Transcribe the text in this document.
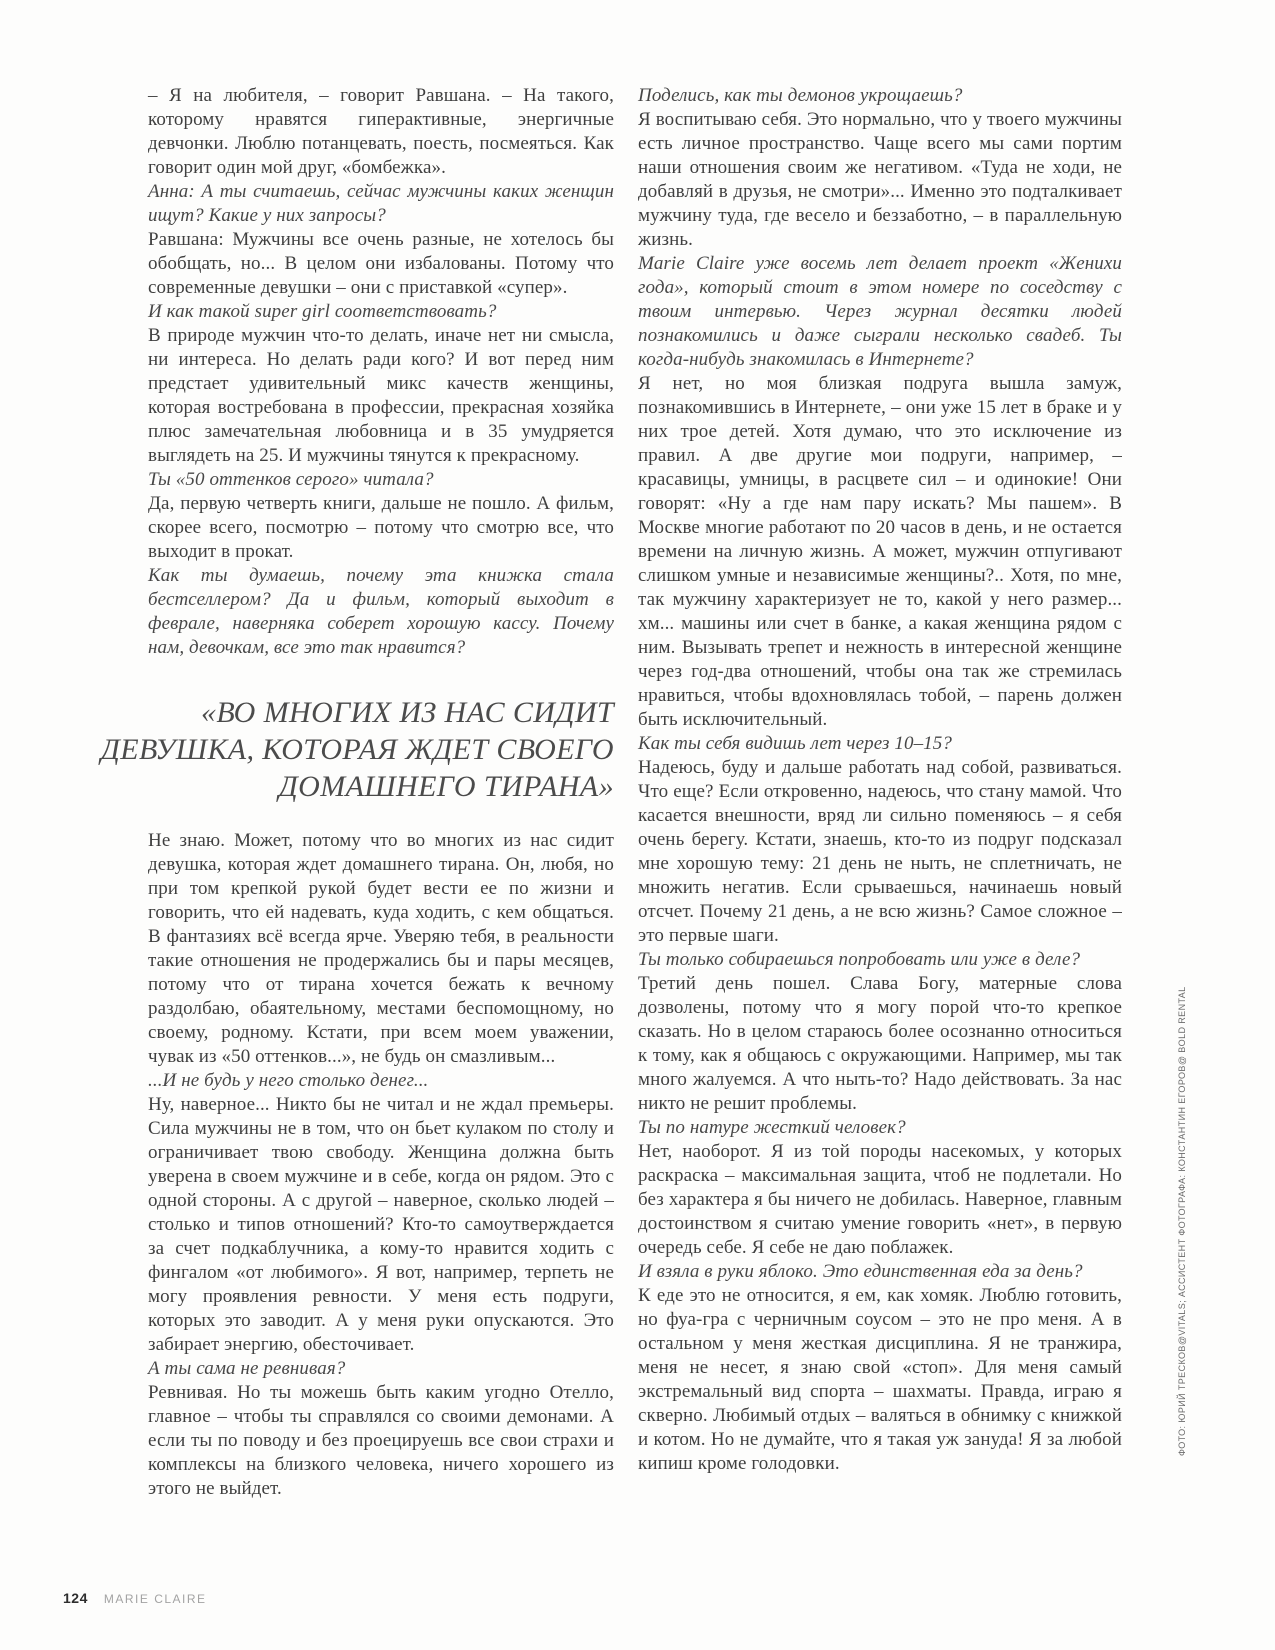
– Я на любителя, – говорит Равшана. – На такого, которому нравятся гиперактивные, энергичные девчонки. Люблю потанцевать, поесть, посмеяться. Как говорит один мой друг, «бомбежка».

Анна: А ты считаешь, сейчас мужчины каких женщин ищут? Какие у них запросы?

Равшана: Мужчины все очень разные, не хотелось бы обобщать, но... В целом они избалованы. Потому что современные девушки – они с приставкой «супер».

И как такой super girl соответствовать?

В природе мужчин что-то делать, иначе нет ни смысла, ни интереса. Но делать ради кого? И вот перед ним предстает удивительный микс качеств женщины, которая востребована в профессии, прекрасная хозяйка плюс замечательная любовница и в 35 умудряется выглядеть на 25. И мужчины тянутся к прекрасному.

Ты «50 оттенков серого» читала?

Да, первую четверть книги, дальше не пошло. А фильм, скорее всего, посмотрю – потому что смотрю все, что выходит в прокат.

Как ты думаешь, почему эта книжка стала бестселлером? Да и фильм, который выходит в феврале, наверняка соберет хорошую кассу. Почему нам, девочкам, все это так нравится?

«ВО МНОГИХ ИЗ НАС СИДИТ ДЕВУШКА, КОТОРАЯ ЖДЕТ СВОЕГО ДОМАШНЕГО ТИРАНА»

Не знаю. Может, потому что во многих из нас сидит девушка, которая ждет домашнего тирана. Он, любя, но при том крепкой рукой будет вести ее по жизни и говорить, что ей надевать, куда ходить, с кем общаться. В фантазиях всё всегда ярче. Уверяю тебя, в реальности такие отношения не продержались бы и пары месяцев, потому что от тирана хочется бежать к вечному раздолбаю, обаятельному, местами беспомощному, но своему, родному. Кстати, при всем моем уважении, чувак из «50 оттенков...», не будь он смазливым...

...И не будь у него столько денег...

Ну, наверное... Никто бы не читал и не ждал премьеры. Сила мужчины не в том, что он бьет кулаком по столу и ограничивает твою свободу. Женщина должна быть уверена в своем мужчине и в себе, когда он рядом. Это с одной стороны. А с другой – наверное, сколько людей – столько и типов отношений? Кто-то самоутверждается за счет подкаблучника, а кому-то нравится ходить с фингалом «от любимого». Я вот, например, терпеть не могу проявления ревности. У меня есть подруги, которых это заводит. А у меня руки опускаются. Это забирает энергию, обесточивает.

А ты сама не ревнивая?

Ревнивая. Но ты можешь быть каким угодно Отелло, главное – чтобы ты справлялся со своими демонами. А если ты по поводу и без проецируешь все свои страхи и комплексы на близкого человека, ничего хорошего из этого не выйдет.

Поделись, как ты демонов укрощаешь?

Я воспитываю себя. Это нормально, что у твоего мужчины есть личное пространство. Чаще всего мы сами портим наши отношения своим же негативом. «Туда не ходи, не добавляй в друзья, не смотри»... Именно это подталкивает мужчину туда, где весело и беззаботно, – в параллельную жизнь.

Marie Claire уже восемь лет делает проект «Женихи года», который стоит в этом номере по соседству с твоим интервью. Через журнал десятки людей познакомились и даже сыграли несколько свадеб. Ты когда-нибудь знакомилась в Интернете?

Я нет, но моя близкая подруга вышла замуж, познакомившись в Интернете, – они уже 15 лет в браке и у них трое детей. Хотя думаю, что это исключение из правил. А две другие мои подруги, например, – красавицы, умницы, в расцвете сил – и одинокие! Они говорят: «Ну а где нам пару искать? Мы пашем». В Москве многие работают по 20 часов в день, и не остается времени на личную жизнь. А может, мужчин отпугивают слишком умные и независимые женщины?.. Хотя, по мне, так мужчину характеризует не то, какой у него размер... хм... машины или счет в банке, а какая женщина рядом с ним. Вызывать трепет и нежность в интересной женщине через год-два отношений, чтобы она так же стремилась нравиться, чтобы вдохновлялась тобой, – парень должен быть исключительный.

Как ты себя видишь лет через 10–15?

Надеюсь, буду и дальше работать над собой, развиваться. Что еще? Если откровенно, надеюсь, что стану мамой. Что касается внешности, вряд ли сильно поменяюсь – я себя очень берегу. Кстати, знаешь, кто-то из подруг подсказал мне хорошую тему: 21 день не ныть, не сплетничать, не множить негатив. Если срываешься, начинаешь новый отсчет. Почему 21 день, а не всю жизнь? Самое сложное – это первые шаги.

Ты только собираешься попробовать или уже в деле?

Третий день пошел. Слава Богу, матерные слова дозволены, потому что я могу порой что-то крепкое сказать. Но в целом стараюсь более осознанно относиться к тому, как я общаюсь с окружающими. Например, мы так много жалуемся. А что ныть-то? Надо действовать. За нас никто не решит проблемы.

Ты по натуре жесткий человек?

Нет, наоборот. Я из той породы насекомых, у которых раскраска – максимальная защита, чтоб не подлетали. Но без характера я бы ничего не добилась. Наверное, главным достоинством я считаю умение говорить «нет», в первую очередь себе. Я себе не даю поблажек.

И взяла в руки яблоко. Это единственная еда за день?

К еде это не относится, я ем, как хомяк. Люблю готовить, но фуа-гра с черничным соусом – это не про меня. А в остальном у меня жесткая дисциплина. Я не транжира, меня не несет, я знаю свой «стоп». Для меня самый экстремальный вид спорта – шахматы. Правда, играю я скверно. Любимый отдых – валяться в обнимку с книжкой и котом. Но не думайте, что я такая уж зануда! Я за любой кипиш кроме голодовки.

ФОТО: ЮРИЙ ТРЕСКОВ@VITALS; АССИСТЕНТ ФОТОГРАФА: КОНСТАНТИН ЕГОРОВ@ BOLD RENTAL
124 MARIE CLAIRE
